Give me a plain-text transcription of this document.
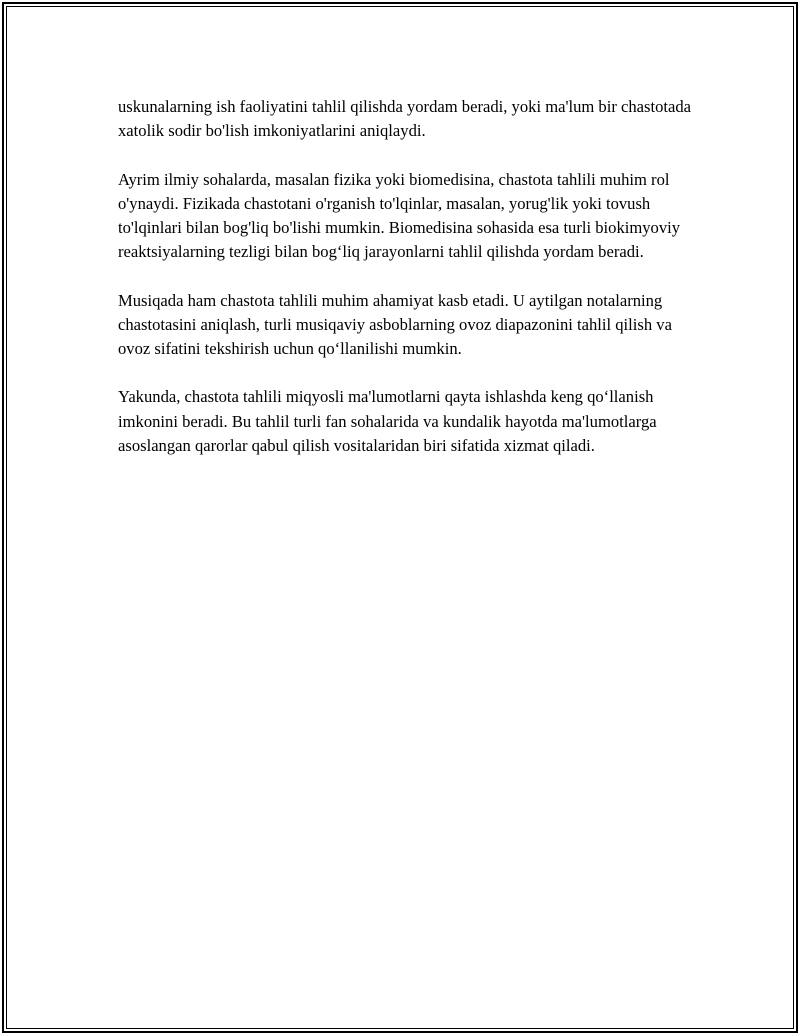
uskunalarning ish faoliyatini tahlil qilishda yordam beradi, yoki ma'lum bir chastotada xatolik sodir bo'lish imkoniyatlarini aniqlaydi.

Ayrim ilmiy sohalarda, masalan fizika yoki biomedisina, chastota tahlili muhim rol o'ynaydi. Fizikada chastotani o'rganish to'lqinlar, masalan, yorug'lik yoki tovush to'lqinlari bilan bog'liq bo'lishi mumkin. Biomedisina sohasida esa turli biokimyoviy reaktsiyalarning tezligi bilan bog‘liq jarayonlarni tahlil qilishda yordam beradi.

Musiqada ham chastota tahlili muhim ahamiyat kasb etadi. U aytilgan notalarning chastotasini aniqlash, turli musiqaviy asboblarning ovoz diapazonini tahlil qilish va ovoz sifatini tekshirish uchun qo‘llanilishi mumkin.

Yakunda, chastota tahlili miqyosli ma'lumotlarni qayta ishlashda keng qo‘llanish imkonini beradi. Bu tahlil turli fan sohalarida va kundalik hayotda ma'lumotlarga asoslangan qarorlar qabul qilish vositalaridan biri sifatida xizmat qiladi.
